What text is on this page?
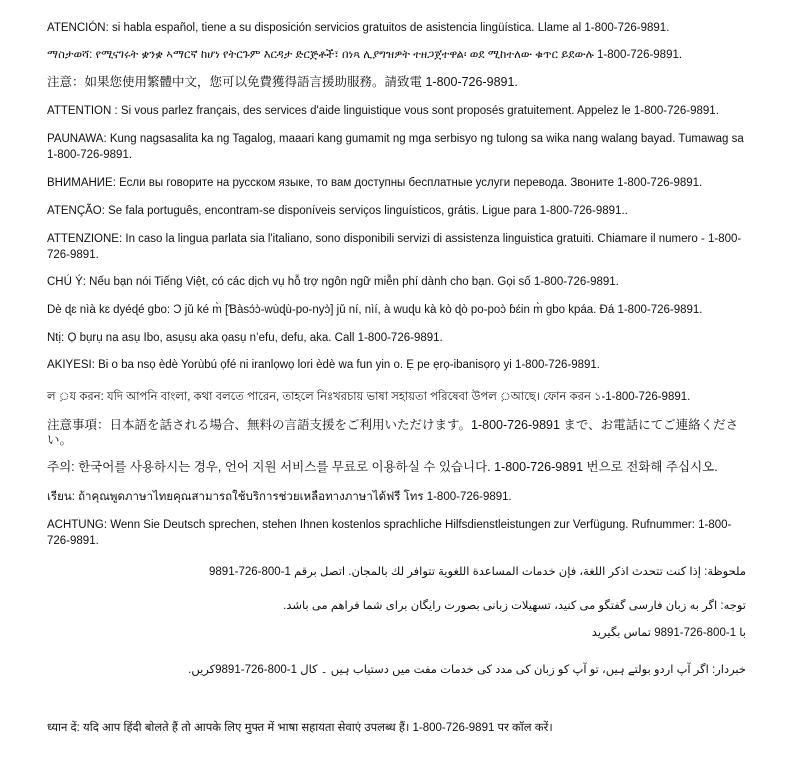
ATENCIÓN: si habla español, tiene a su disposición servicios gratuitos de asistencia lingüística. Llame al 1-800-726-9891.

ማስታወሻ: የሚናገሩት ቋንቋ ኣማርኛ ከሆነ የትርጉም እርዳታ ድርጅቶች፣ በነጻ ሊያግዝዎት ተዘጋጀተዋል፡ ወደ ሚከተለው ቁጥር ይደውሉ 1-800-726-9891.

注意：如果您使用繁體中文，您可以免費獲得語言援助服務。請致電 1-800-726-9891.

ATTENTION : Si vous parlez français, des services d'aide linguistique vous sont proposés gratuitement. Appelez le 1-800-726-9891.

PAUNAWA: Kung nagsasalita ka ng Tagalog, maaari kang gumamit ng mga serbisyo ng tulong sa wika nang walang bayad. Tumawag sa 1-800-726-9891.

ВНИМАНИЕ: Если вы говорите на русском языке, то вам доступны бесплатные услуги перевода. Звоните 1-800-726-9891.

ATENÇÃO: Se fala português, encontram-se disponíveis serviços linguísticos, grátis. Ligue para 1-800-726-9891..

ATTENZIONE: In caso la lingua parlata sia l'italiano, sono disponibili servizi di assistenza linguistica gratuiti. Chiamare il numero - 1-800-726-9891.

CHÚ Ý: Nếu bạn nói Tiếng Việt, có các dịch vụ hỗ trợ ngôn ngữ miễn phí dành cho bạn. Gọi số 1-800-726-9891.

Dè ɖɛ nìà kɛ dyéɖé gbo: Ɔ jǔ ké m̀ [Ɓàsɔ́ɔ̀-wùɖù-po-nyɔ̀] jǔ ní, nìí, à wuɖu kà kò ɖò po-poɔ̀ ɓɛ́in m̀ gbo kpáa. Ɖá 1-800-726-9891.

Ntị: Ọ bụrụ na asụ Ibo, asụsụ aka ọasụ n’efu, defu, aka. Call 1-800-726-9891.

AKIYESI: Bi o ba nsọ èdè Yorùbú ọfé ni iranlọwọ lori èdè wa fun yin o. Ẹ pe ẹrọ-ibanisọrọ yi 1-800-726-9891.

ল ়য করন: যদি আপনি বাংলা, কথা বলতে পারেন, তাহলে নিঃখরচায় ভাষা সহায়তা পরিষেবা উপল ়আছে। ফোন করন ১-1-800-726-9891.

注意事項：日本語を話される場合、無料の言語支援をご利用いただけます。1-800-726-9891 まで、お電話にてご連絡ください。

주의: 한국어를 사용하시는 경우, 언어 지원 서비스를 무료로 이용하실 수 있습니다. 1-800-726-9891 번으로 전화해 주십시오.

เรียน: ถ้าคุณพูดภาษาไทยคุณสามารถใช้บริการช่วยเหลือทางภาษาได้ฟรี โทร 1-800-726-9891.

ACHTUNG: Wenn Sie Deutsch sprechen, stehen Ihnen kostenlos sprachliche Hilfsdienstleistungen zur Verfügung. Rufnummer: 1-800-726-9891.

ملحوظة: إذا كنت تتحدث اذكر اللغة، فإن خدمات المساعدة اللغوية تتوافر لك بالمجان. اتصل برقم 1-800-726-9891

توجه: اگر به زبان فارسی گفتگو می کنید، تسهیلات زبانی بصورت رایگان برای شما فراهم می باشد.

با 1-800-726-9891 تماس بگیرید

خبردار: اگر آپ اردو بولتے ہیں، تو آپ کو زبان کی مدد کی خدمات مفت میں دستیاب ہیں ۔ کال 1-800-726-9891کریں.

ध्यान दें: यदि आप हिंदी बोलते हैं तो आपके लिए मुफ्त में भाषा सहायता सेवाएं उपलब्ध हैं। 1-800-726-9891 पर कॉल करें।
